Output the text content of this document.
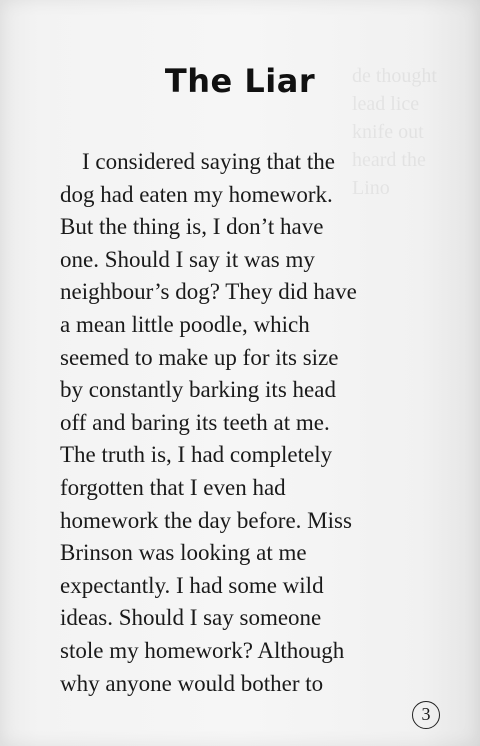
de thought
lead lice
knife out
heard the
Lino
The Liar
I considered saying that the
dog had eaten my homework.
But the thing is, I don’t have
one. Should I say it was my
neighbour’s dog? They did have
a mean little poodle, which
seemed to make up for its size
by constantly barking its head
off and baring its teeth at me.
The truth is, I had completely
forgotten that I even had
homework the day before. Miss
Brinson was looking at me
expectantly. I had some wild
ideas. Should I say someone
stole my homework? Although
why anyone would bother to
3
